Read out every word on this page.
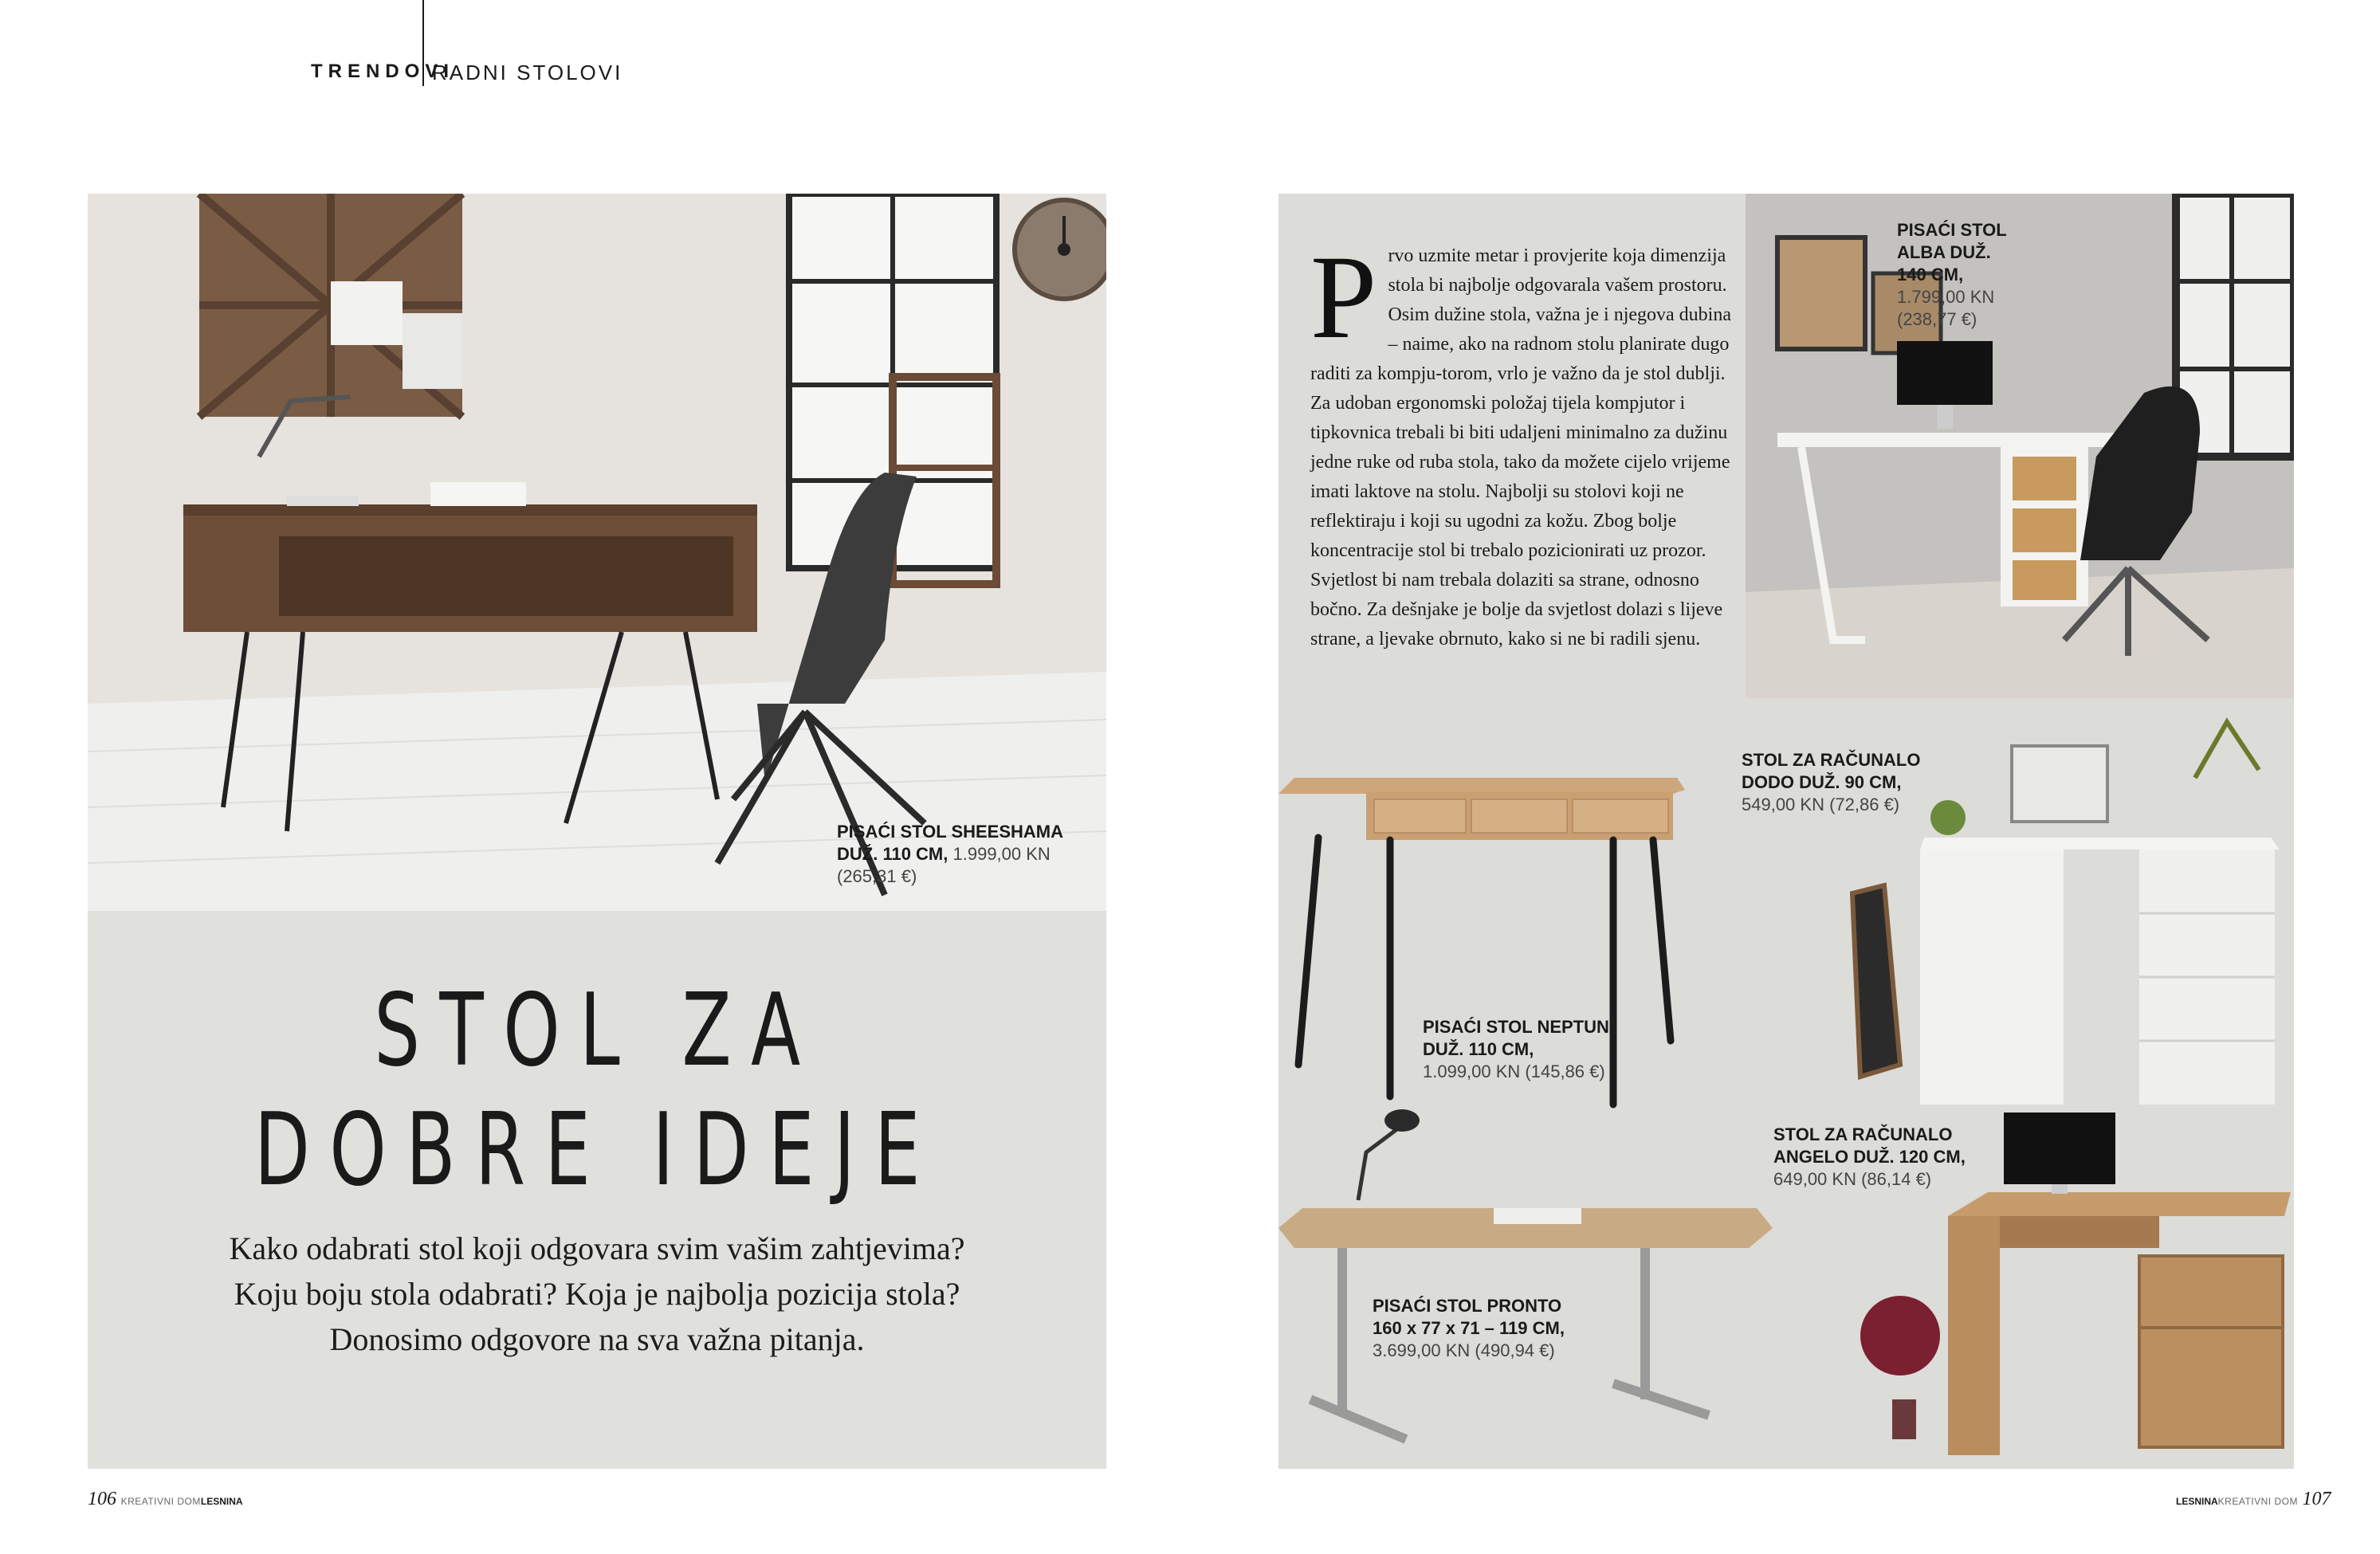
TRENDOVI
RADNI STOLOVI
PISAĆI STOL SHEESHAMA
DUŽ. 110 CM, 1.999,00 KN
(265,31 €)
STOL ZA
DOBRE IDEJE
Kako odabrati stol koji odgovara svim vašim zahtjevima?
Koju boju stola odabrati? Koja je najbolja pozicija stola?
Donosimo odgovore na sva važna pitanja.
Prvo uzmite metar i provjerite koja dimenzija stola bi najbolje odgovarala vašem prostoru. Osim dužine stola, važna je i njegova dubina – naime, ako na radnom stolu planirate dugo raditi za kompju-torom, vrlo je važno da je stol dublji. Za udoban ergonomski položaj tijela kompjutor i tipkovnica trebali bi biti udaljeni minimalno za dužinu jedne ruke od ruba stola, tako da možete cijelo vrijeme imati laktove na stolu. Najbolji su stolovi koji ne reflektiraju i koji su ugodni za kožu. Zbog bolje koncentracije stol bi trebalo pozicionirati uz prozor. Svjetlost bi nam trebala dolaziti sa strane, odnosno bočno. Za dešnjake je bolje da svjetlost dolazi s lijeve strane, a ljevake obrnuto, kako si ne bi radili sjenu.
PISAĆI STOL
ALBA DUŽ.
140 CM,
1.799,00 KN
(238,77 €)
STOL ZA RAČUNALO
DODO DUŽ. 90 CM,
549,00 KN (72,86 €)
PISAĆI STOL NEPTUN
DUŽ. 110 CM,
1.099,00 KN (145,86 €)
STOL ZA RAČUNALO
ANGELO DUŽ. 120 CM,
649,00 KN (86,14 €)
PISAĆI STOL PRONTO
160 x 77 x 71 – 119 CM,
3.699,00 KN (490,94 €)
106 KREATIVNI DOMLESNINA	LESNINAKREATIVNI DOM 107
